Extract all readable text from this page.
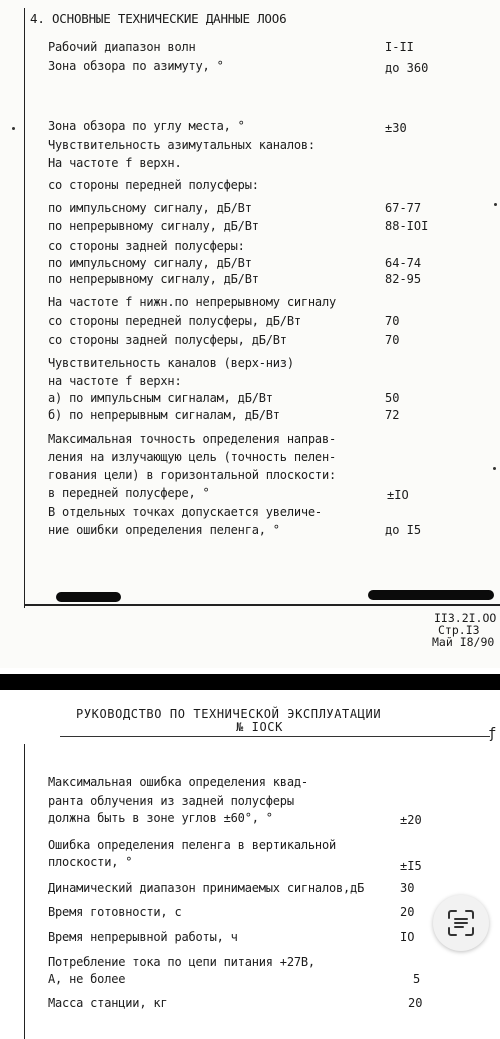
4. ОСНОВНЫЕ ТЕХНИЧЕСКИЕ ДАННЫЕ ЛОО6
Рабочий диапазон волн	I-II
Зона обзора по азимуту, °	до 360
Зона обзора по углу места, °	±30
Чувствительность азимутальных каналов:
На частоте f верхн.
со стороны передней полусферы:
по импульсному сигналу, дБ/Вт	67-77
по непрерывному сигналу, дБ/Вт	88-IOI
со стороны задней полусферы:
по импульсному сигналу, дБ/Вт	64-74
по непрерывному сигналу, дБ/Вт	82-95
На частоте f нижн.по непрерывному сигналу
со стороны передней полусферы, дБ/Вт	70
со стороны задней полусферы, дБ/Вт	70
Чувствительность каналов (верх-низ)
на частоте f верхн:
а) по импульсным сигналам, дБ/Вт	50
б) по непрерывным сигналам, дБ/Вт	72
Максимальная точность определения направ-
ления на излучающую цель (точность пелен-
гования цели) в горизонтальной плоскости:
в передней полусфере, °	±IO
В отдельных точках допускается увеличе-
ние ошибки определения пеленга, °	до I5
II3.2I.OO
Стр.I3
Май I8/90
РУКОВОДСТВО ПО ТЕХНИЧЕСКОЙ ЭКСПЛУАТАЦИИ
№ IOCK	ƒ
Максимальная ошибка определения квад-
ранта облучения из задней полусферы
должна быть в зоне углов ±60°, °	±20
Ошибка определения пеленга в вертикальной
плоскости, °	±I5
Динамический диапазон принимаемых сигналов,дБ	30
Время готовности, с	20
Время непрерывной работы, ч	IO
Потребление тока по цепи питания +27В,
А, не более	5
Масса станции, кг	20
